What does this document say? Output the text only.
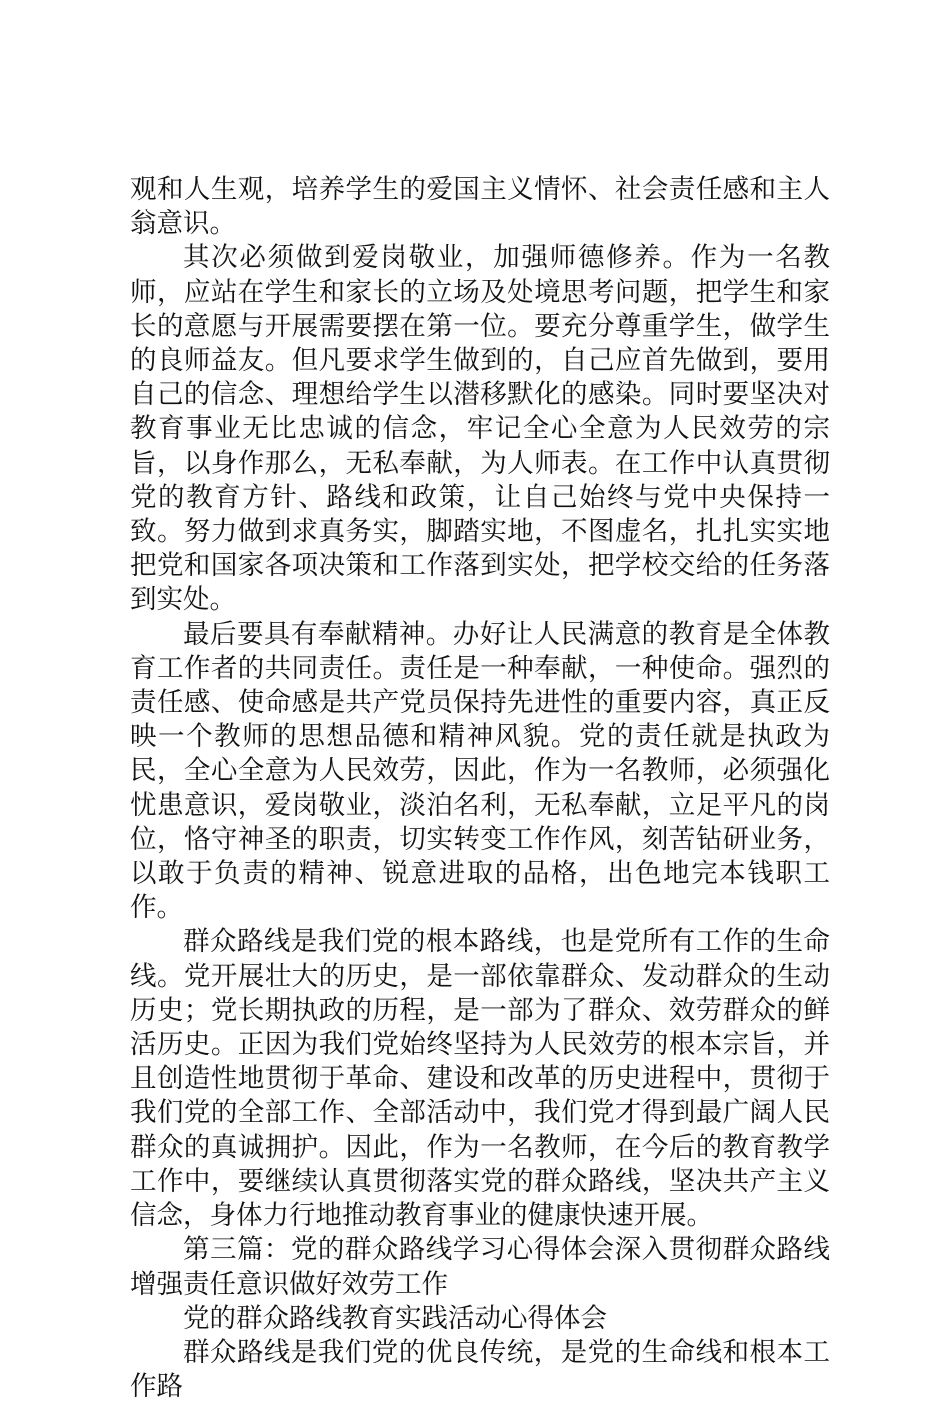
观和人生观，培养学生的爱国主义情怀、社会责任感和主人翁意识。

其次必须做到爱岗敬业，加强师德修养。作为一名教师，应站在学生和家长的立场及处境思考问题，把学生和家长的意愿与开展需要摆在第一位。要充分尊重学生，做学生的良师益友。但凡要求学生做到的，自己应首先做到，要用自己的信念、理想给学生以潜移默化的感染。同时要坚决对教育事业无比忠诚的信念，牢记全心全意为人民效劳的宗旨，以身作那么，无私奉献，为人师表。在工作中认真贯彻党的教育方针、路线和政策，让自己始终与党中央保持一致。努力做到求真务实，脚踏实地，不图虚名，扎扎实实地把党和国家各项决策和工作落到实处，把学校交给的任务落到实处。

最后要具有奉献精神。办好让人民满意的教育是全体教育工作者的共同责任。责任是一种奉献，一种使命。强烈的责任感、使命感是共产党员保持先进性的重要内容，真正反映一个教师的思想品德和精神风貌。党的责任就是执政为民，全心全意为人民效劳，因此，作为一名教师，必须强化忧患意识，爱岗敬业，淡泊名利，无私奉献，立足平凡的岗位，恪守神圣的职责，切实转变工作作风，刻苦钻研业务，以敢于负责的精神、锐意进取的品格，出色地完本钱职工作。

群众路线是我们党的根本路线，也是党所有工作的生命线。党开展壮大的历史，是一部依靠群众、发动群众的生动历史；党长期执政的历程，是一部为了群众、效劳群众的鲜活历史。正因为我们党始终坚持为人民效劳的根本宗旨，并且创造性地贯彻于革命、建设和改革的历史进程中，贯彻于我们党的全部工作、全部活动中，我们党才得到最广阔人民群众的真诚拥护。因此，作为一名教师，在今后的教育教学工作中，要继续认真贯彻落实党的群众路线，坚决共产主义信念，身体力行地推动教育事业的健康快速开展。

第三篇：党的群众路线学习心得体会深入贯彻群众路线增强责任意识做好效劳工作

党的群众路线教育实践活动心得体会

群众路线是我们党的优良传统，是党的生命线和根本工作路
